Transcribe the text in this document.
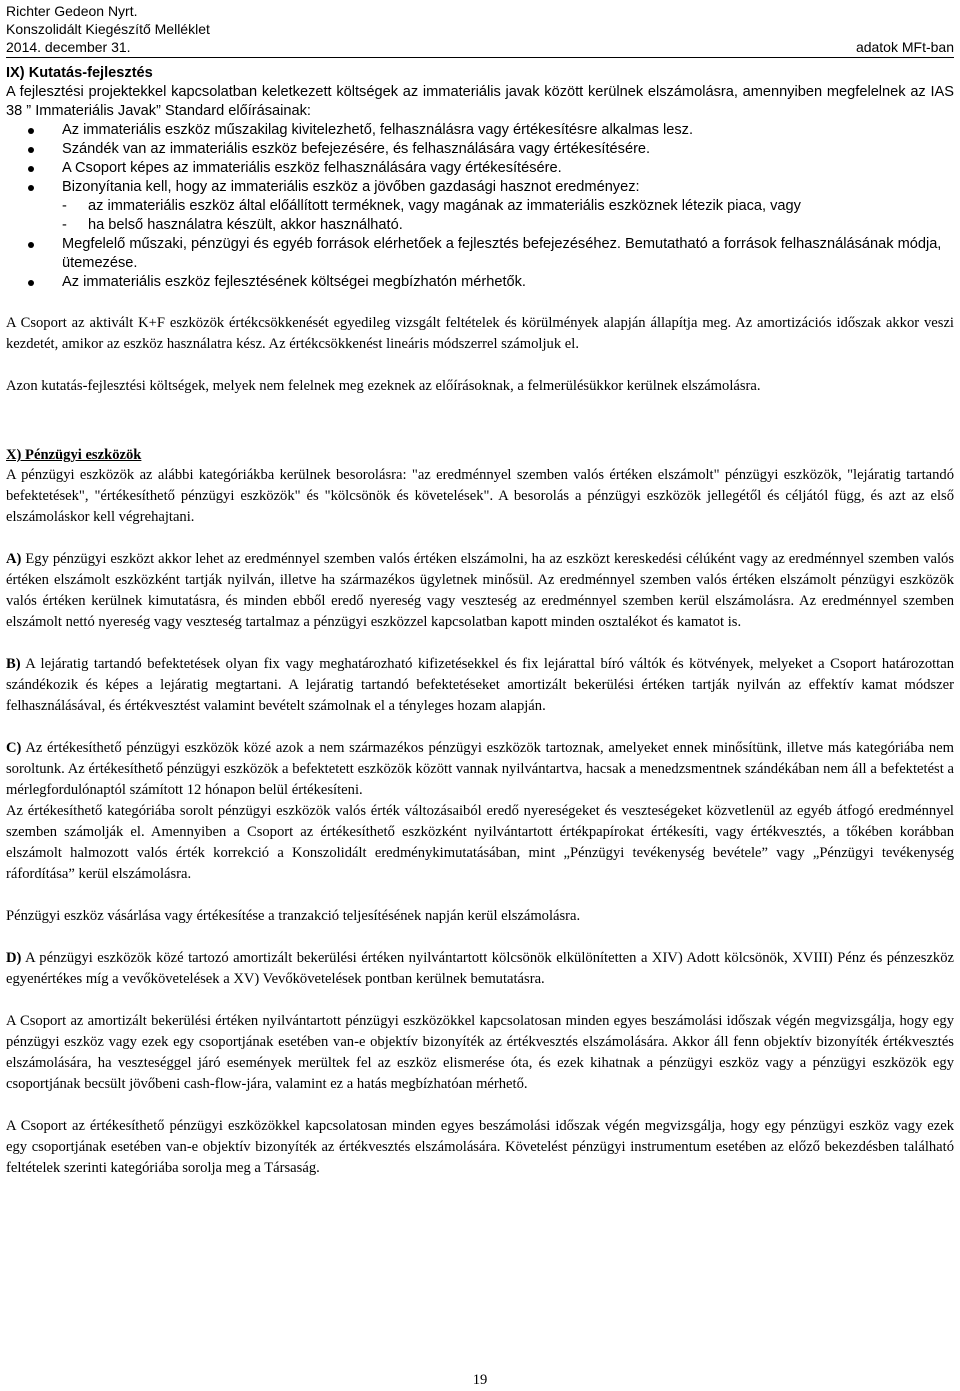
Richter Gedeon Nyrt.
Konszolidált Kiegészítő Melléklet
2014. december 31.	adatok MFt-ban
IX) Kutatás-fejlesztés

A fejlesztési projektekkel kapcsolatban keletkezett költségek az immateriális javak között kerülnek elszámolásra, amennyiben megfelelnek az IAS 38 ” Immateriális Javak” Standard előírásainak:

Az immateriális eszköz műszakilag kivitelezhető, felhasználásra vagy értékesítésre alkalmas lesz.
Szándék van az immateriális eszköz befejezésére, és felhasználására vagy értékesítésére.
A Csoport képes az immateriális eszköz felhasználására vagy értékesítésére.
Bizonyítania kell, hogy az immateriális eszköz a jövőben gazdasági hasznot eredményez:
-	az immateriális eszköz által előállított terméknek, vagy magának az immateriális eszköznek létezik piaca, vagy
-	ha belső használatra készült, akkor használható.
Megfelelő műszaki, pénzügyi és egyéb források elérhetőek a fejlesztés befejezéséhez. Bemutatható a források felhasználásának módja, ütemezése.
Az immateriális eszköz fejlesztésének költségei megbízhatón mérhetők.

A Csoport az aktivált K+F eszközök értékcsökkenését egyedileg vizsgált feltételek és körülmények alapján állapítja meg. Az amortizációs időszak akkor veszi kezdetét, amikor az eszköz használatra kész. Az értékcsökkenést lineáris módszerrel számoljuk el.

Azon kutatás-fejlesztési költségek, melyek nem felelnek meg ezeknek az előírásoknak, a felmerülésükkor kerülnek elszámolásra.

X) Pénzügyi eszközök

A pénzügyi eszközök az alábbi kategóriákba kerülnek besorolásra: "az eredménnyel szemben valós értéken elszámolt" pénzügyi eszközök, "lejáratig tartandó befektetések", "értékesíthető pénzügyi eszközök" és "kölcsönök és követelések". A besorolás a pénzügyi eszközök jellegétől és céljától függ, és azt az első elszámoláskor kell végrehajtani.

A) Egy pénzügyi eszközt akkor lehet az eredménnyel szemben valós értéken elszámolni, ha az eszközt kereskedési célúként vagy az eredménnyel szemben valós értéken elszámolt eszközként tartják nyilván, illetve ha származékos ügyletnek minősül. Az eredménnyel szemben valós értéken elszámolt pénzügyi eszközök valós értéken kerülnek kimutatásra, és minden ebből eredő nyereség vagy veszteség az eredménnyel szemben kerül elszámolásra. Az eredménnyel szemben elszámolt nettó nyereség vagy veszteség tartalmaz a pénzügyi eszközzel kapcsolatban kapott minden osztalékot és kamatot is.

B) A lejáratig tartandó befektetések olyan fix vagy meghatározható kifizetésekkel és fix lejárattal bíró váltók és kötvények, melyeket a Csoport határozottan szándékozik és képes a lejáratig megtartani. A lejáratig tartandó befektetéseket amortizált bekerülési értéken tartják nyilván az effektív kamat módszer felhasználásával, és értékvesztést valamint bevételt számolnak el a tényleges hozam alapján.

C) Az értékesíthető pénzügyi eszközök közé azok a nem származékos pénzügyi eszközök tartoznak, amelyeket ennek minősítünk, illetve más kategóriába nem soroltunk. Az értékesíthető pénzügyi eszközök a befektetett eszközök között vannak nyilvántartva, hacsak a menedzsmentnek szándékában nem áll a befektetést a mérlegfordulónaptól számított 12 hónapon belül értékesíteni.

Az értékesíthető kategóriába sorolt pénzügyi eszközök valós érték változásaiból eredő nyereségeket és veszteségeket közvetlenül az egyéb átfogó eredménnyel szemben számolják el. Amennyiben a Csoport az értékesíthető eszközként nyilvántartott értékpapírokat értékesíti, vagy értékvesztés, a tőkében korábban elszámolt halmozott valós érték korrekció a Konszolidált eredménykimutatásában, mint „Pénzügyi tevékenység bevétele” vagy „Pénzügyi tevékenység ráfordítása” kerül elszámolásra.

Pénzügyi eszköz vásárlása vagy értékesítése a tranzakció teljesítésének napján kerül elszámolásra.

D) A pénzügyi eszközök közé tartozó amortizált bekerülési értéken nyilvántartott kölcsönök elkülönítetten a XIV) Adott kölcsönök, XVIII) Pénz és pénzeszköz egyenértékes míg a vevőkövetelések a XV) Vevőkövetelések pontban kerülnek bemutatásra.

A Csoport az amortizált bekerülési értéken nyilvántartott pénzügyi eszközökkel kapcsolatosan minden egyes beszámolási időszak végén megvizsgálja, hogy egy pénzügyi eszköz vagy ezek egy csoportjának esetében van-e objektív bizonyíték az értékvesztés elszámolására. Akkor áll fenn objektív bizonyíték értékvesztés elszámolására, ha veszteséggel járó események merültek fel az eszköz elismerése óta, és ezek kihatnak a pénzügyi eszköz vagy a pénzügyi eszközök egy csoportjának becsült jövőbeni cash-flow-jára, valamint ez a hatás megbízhatóan mérhető.

A Csoport az értékesíthető pénzügyi eszközökkel kapcsolatosan minden egyes beszámolási időszak végén megvizsgálja, hogy egy pénzügyi eszköz vagy ezek egy csoportjának esetében van-e objektív bizonyíték az értékvesztés elszámolására. Követelést pénzügyi instrumentum esetében az előző bekezdésben található feltételek szerinti kategóriába sorolja meg a Társaság.

19
